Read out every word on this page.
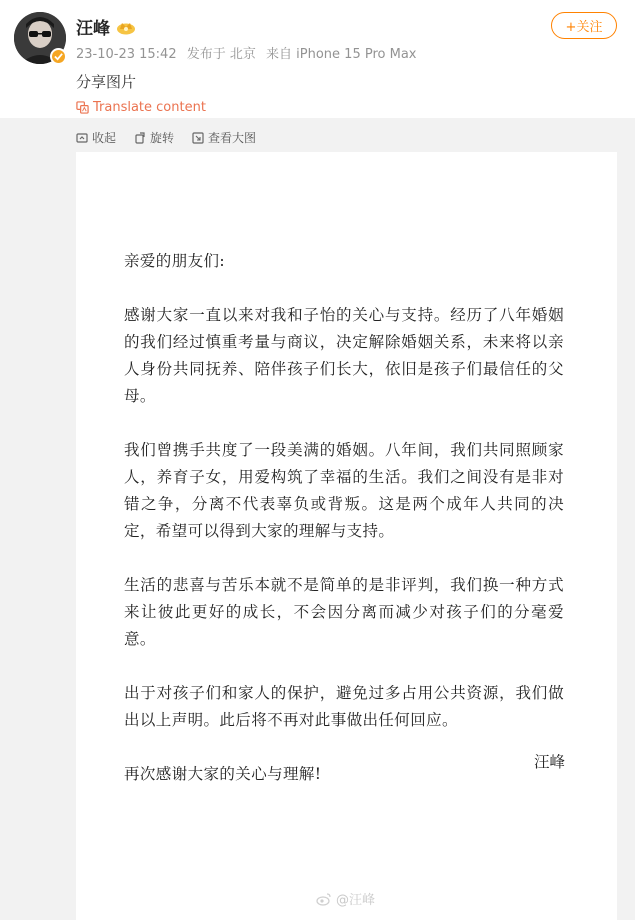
汪峰
23-10-23 15:42 发布于 北京 来自 iPhone 15 Pro Max
+关注
分享图片
Translate content
收起	旋转	查看大图

亲爱的朋友们:

感谢大家一直以来对我和子怡的关心与支持。经历了八年婚姻的我们经过慎重考量与商议，决定解除婚姻关系，未来将以亲人身份共同抚养、陪伴孩子们长大，依旧是孩子们最信任的父母。

我们曾携手共度了一段美满的婚姻。八年间，我们共同照顾家人，养育子女，用爱构筑了幸福的生活。我们之间没有是非对错之争，分离不代表辜负或背叛。这是两个成年人共同的决定，希望可以得到大家的理解与支持。

生活的悲喜与苦乐本就不是简单的是非评判，我们换一种方式来让彼此更好的成长，不会因分离而减少对孩子们的分毫爱意。

出于对孩子们和家人的保护，避免过多占用公共资源，我们做出以上声明。此后将不再对此事做出任何回应。

再次感谢大家的关心与理解!

汪峰
@汪峰
